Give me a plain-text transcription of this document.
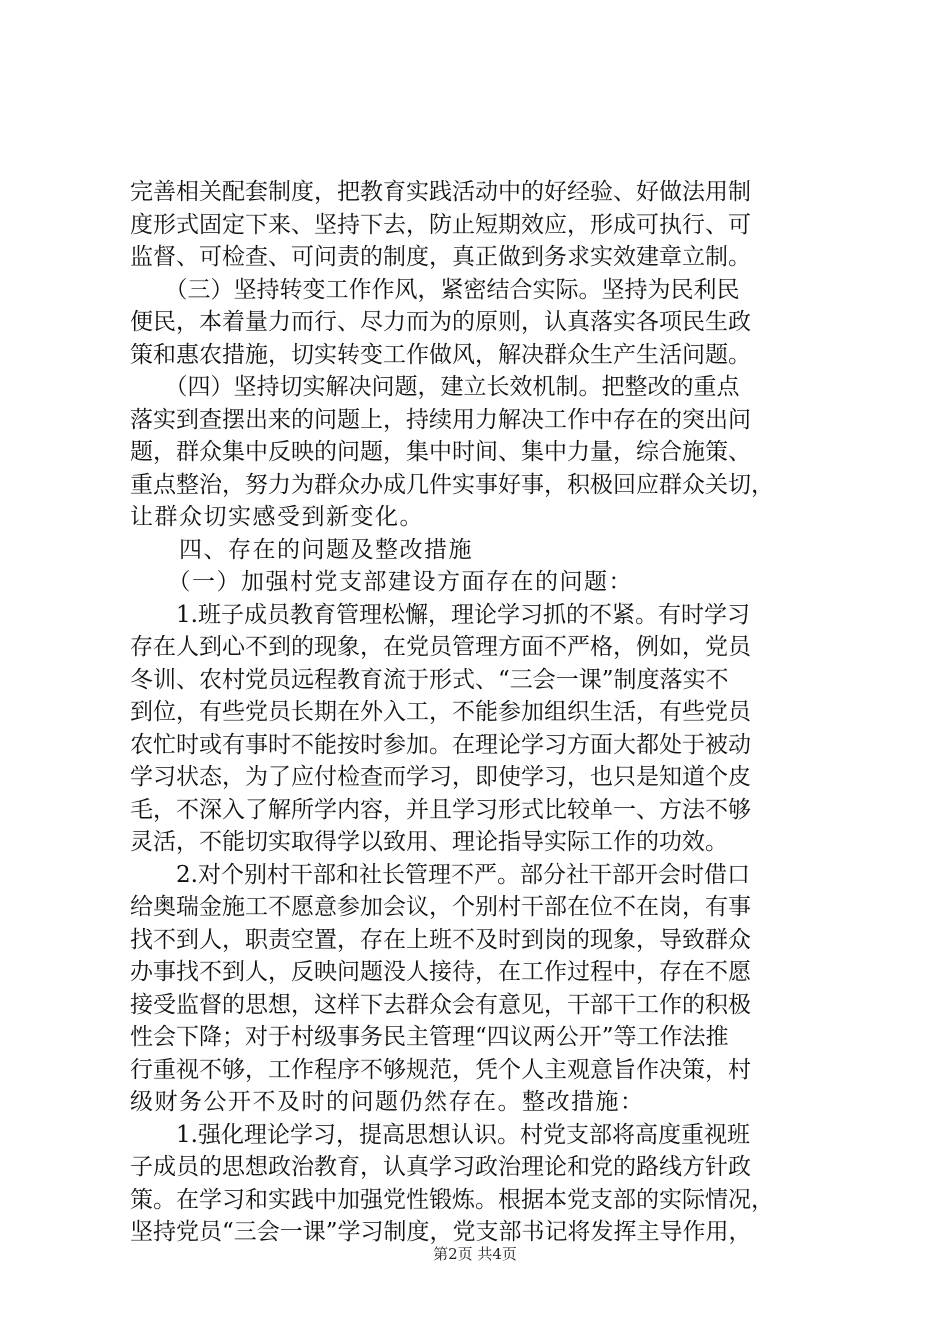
完善相关配套制度，把教育实践活动中的好经验、好做法用制
度形式固定下来、坚持下去，防止短期效应，形成可执行、可
监督、可检查、可问责的制度，真正做到务求实效建章立制。
　　（三）坚持转变工作作风，紧密结合实际。坚持为民利民
便民，本着量力而行、尽力而为的原则，认真落实各项民生政
策和惠农措施，切实转变工作做风，解决群众生产生活问题。
　　（四）坚持切实解决问题，建立长效机制。把整改的重点
落实到查摆出来的问题上，持续用力解决工作中存在的突出问
题，群众集中反映的问题，集中时间、集中力量，综合施策、
重点整治，努力为群众办成几件实事好事，积极回应群众关切，
让群众切实感受到新变化。
　　四、存在的问题及整改措施
　　（一）加强村党支部建设方面存在的问题：
　　1.班子成员教育管理松懈，理论学习抓的不紧。有时学习
存在人到心不到的现象，在党员管理方面不严格，例如，党员
冬训、农村党员远程教育流于形式、“三会一课”制度落实不
到位，有些党员长期在外入工，不能参加组织生活，有些党员
农忙时或有事时不能按时参加。在理论学习方面大都处于被动
学习状态，为了应付检查而学习，即使学习，也只是知道个皮
毛，不深入了解所学内容，并且学习形式比较单一、方法不够
灵活，不能切实取得学以致用、理论指导实际工作的功效。
　　2.对个别村干部和社长管理不严。部分社干部开会时借口
给奥瑞金施工不愿意参加会议，个别村干部在位不在岗，有事
找不到人，职责空置，存在上班不及时到岗的现象，导致群众
办事找不到人，反映问题没人接待，在工作过程中，存在不愿
接受监督的思想，这样下去群众会有意见，干部干工作的积极
性会下降；对于村级事务民主管理“四议两公开”等工作法推
行重视不够，工作程序不够规范，凭个人主观意旨作决策，村
级财务公开不及时的问题仍然存在。整改措施：
　　1.强化理论学习，提高思想认识。村党支部将高度重视班
子成员的思想政治教育，认真学习政治理论和党的路线方针政
策。在学习和实践中加强党性锻炼。根据本党支部的实际情况，
坚持党员“三会一课”学习制度，党支部书记将发挥主导作用，
第2页 共4页
